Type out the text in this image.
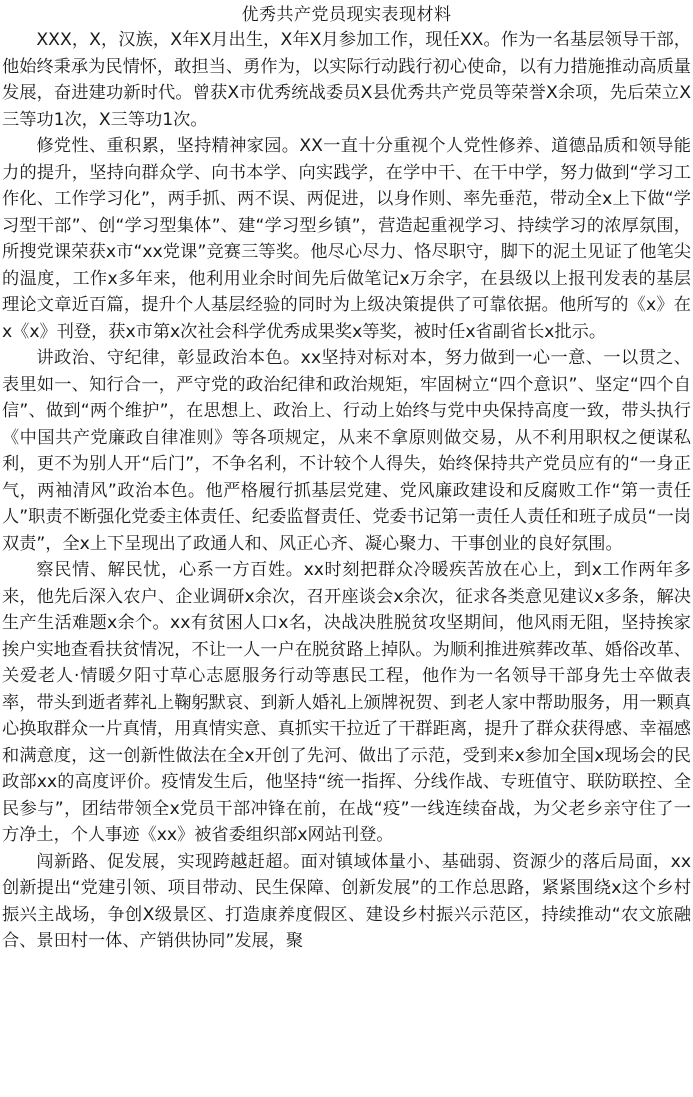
优秀共产党员现实表现材料

XXX，X，汉族，X年X月出生，X年X月参加工作，现任XX。作为一名基层领导干部，他始终秉承为民情怀，敢担当、勇作为，以实际行动践行初心使命，以有力措施推动高质量发展，奋进建功新时代。曾获X市优秀统战委员X县优秀共产党员等荣誉X余项，先后荣立X三等功1次，X三等功1次。

修党性、重积累，坚持精神家园。XX一直十分重视个人党性修养、道德品质和领导能力的提升，坚持向群众学、向书本学、向实践学，在学中干、在干中学，努力做到“学习工作化、工作学习化”，两手抓、两不误、两促进，以身作则、率先垂范，带动全x上下做“学习型干部”、创“学习型集体”、建“学习型乡镇”，营造起重视学习、持续学习的浓厚氛围，所搜党课荣获x市“xx党课”竞赛三等奖。他尽心尽力、恪尽职守，脚下的泥土见证了他笔尖的温度，工作x多年来，他利用业余时间先后做笔记x万余字，在县级以上报刊发表的基层理论文章近百篇，提升个人基层经验的同时为上级决策提供了可靠依据。他所写的《x》在x《x》刊登，获x市第x次社会科学优秀成果奖x等奖，被时任x省副省长x批示。

讲政治、守纪律，彰显政治本色。xx坚持对标对本，努力做到一心一意、一以贯之、表里如一、知行合一，严守党的政治纪律和政治规矩，牢固树立“四个意识”、坚定“四个自信”、做到“两个维护”，在思想上、政治上、行动上始终与党中央保持高度一致，带头执行《中国共产党廉政自律准则》等各项规定，从来不拿原则做交易，从不利用职权之便谋私利，更不为别人开“后门”，不争名利，不计较个人得失，始终保持共产党员应有的“一身正气，两袖清风”政治本色。他严格履行抓基层党建、党风廉政建设和反腐败工作“第一责任人”职责不断强化党委主体责任、纪委监督责任、党委书记第一责任人责任和班子成员“一岗双责”，全x上下呈现出了政通人和、风正心齐、凝心聚力、干事创业的良好氛围。

察民情、解民忧，心系一方百姓。xx时刻把群众冷暖疾苦放在心上，到x工作两年多来，他先后深入农户、企业调研x余次，召开座谈会x余次，征求各类意见建议x多条，解决生产生活难题x余个。xx有贫困人口x名，决战决胜脱贫攻坚期间，他风雨无阻，坚持挨家挨户实地查看扶贫情况，不让一人一户在脱贫路上掉队。为顺利推进殡葬改革、婚俗改革、关爱老人·情暖夕阳寸草心志愿服务行动等惠民工程，他作为一名领导干部身先士卒做表率，带头到逝者葬礼上鞠躬默哀、到新人婚礼上颁牌祝贺、到老人家中帮助服务，用一颗真心换取群众一片真情，用真情实意、真抓实干拉近了干群距离，提升了群众获得感、幸福感和满意度，这一创新性做法在全x开创了先河、做出了示范，受到来x参加全国x现场会的民政部xx的高度评价。疫情发生后，他坚持“统一指挥、分线作战、专班值守、联防联控、全民参与”，团结带领全x党员干部冲锋在前，在战“疫”一线连续奋战，为父老乡亲守住了一方净土，个人事迹《xx》被省委组织部x网站刊登。

闯新路、促发展，实现跨越赶超。面对镇域体量小、基础弱、资源少的落后局面，xx创新提出“党建引领、项目带动、民生保障、创新发展”的工作总思路，紧紧围绕x这个乡村振兴主战场，争创X级景区、打造康养度假区、建设乡村振兴示范区，持续推动“农文旅融合、景田村一体、产销供协同”发展，聚
